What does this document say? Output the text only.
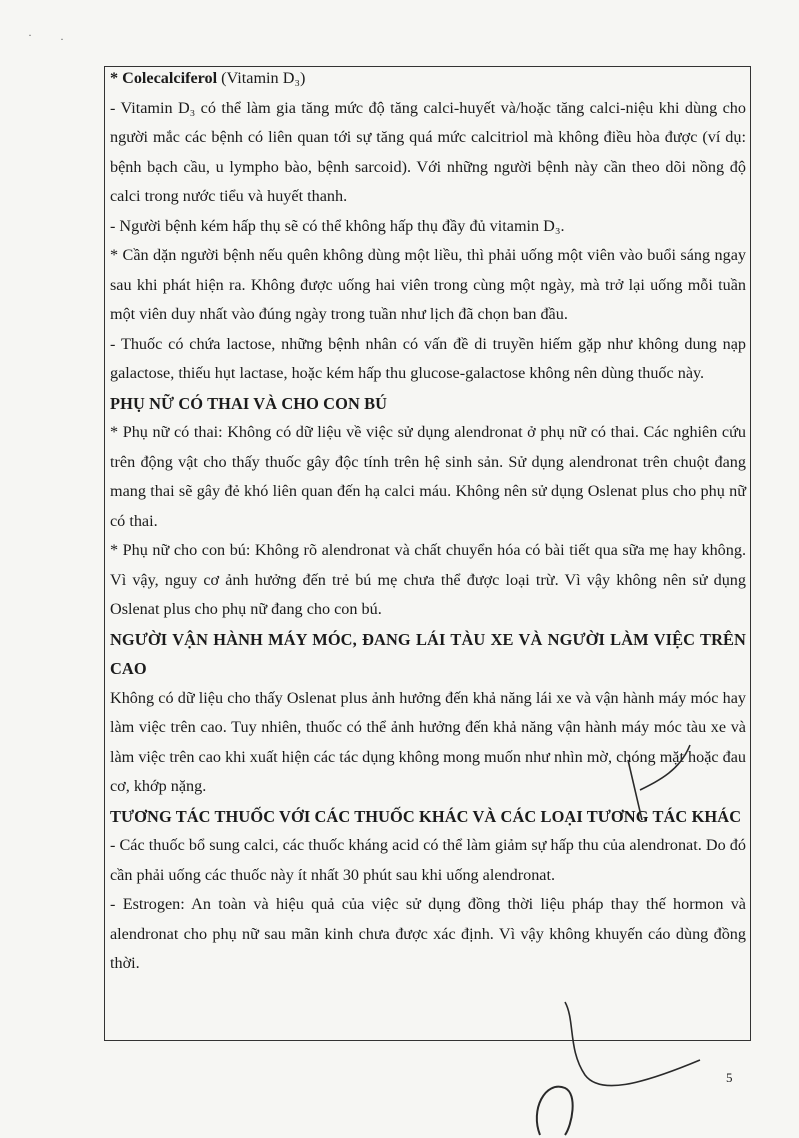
* Colecalciferol (Vitamin D₃)

- Vitamin D₃ có thể làm gia tăng mức độ tăng calci-huyết và/hoặc tăng calci-niệu khi dùng cho người mắc các bệnh có liên quan tới sự tăng quá mức calcitriol mà không điều hòa được (ví dụ: bệnh bạch cầu, u lympho bào, bệnh sarcoid). Với những người bệnh này cần theo dõi nồng độ calci trong nước tiểu và huyết thanh.

- Người bệnh kém hấp thụ sẽ có thể không hấp thụ đầy đủ vitamin D₃.

* Cần dặn người bệnh nếu quên không dùng một liều, thì phải uống một viên vào buổi sáng ngay sau khi phát hiện ra. Không được uống hai viên trong cùng một ngày, mà trở lại uống mỗi tuần một viên duy nhất vào đúng ngày trong tuần như lịch đã chọn ban đầu.

- Thuốc có chứa lactose, những bệnh nhân có vấn đề di truyền hiếm gặp như không dung nạp galactose, thiếu hụt lactase, hoặc kém hấp thu glucose-galactose không nên dùng thuốc này.

PHỤ NỮ CÓ THAI VÀ CHO CON BÚ

* Phụ nữ có thai: Không có dữ liệu về việc sử dụng alendronat ở phụ nữ có thai. Các nghiên cứu trên động vật cho thấy thuốc gây độc tính trên hệ sinh sản. Sử dụng alendronat trên chuột đang mang thai sẽ gây đẻ khó liên quan đến hạ calci máu. Không nên sử dụng Oslenat plus cho phụ nữ có thai.

* Phụ nữ cho con bú: Không rõ alendronat và chất chuyển hóa có bài tiết qua sữa mẹ hay không. Vì vậy, nguy cơ ảnh hưởng đến trẻ bú mẹ chưa thể được loại trừ. Vì vậy không nên sử dụng Oslenat plus cho phụ nữ đang cho con bú.

NGƯỜI VẬN HÀNH MÁY MÓC, ĐANG LÁI TÀU XE VÀ NGƯỜI LÀM VIỆC TRÊN CAO

Không có dữ liệu cho thấy Oslenat plus ảnh hưởng đến khả năng lái xe và vận hành máy móc hay làm việc trên cao. Tuy nhiên, thuốc có thể ảnh hưởng đến khả năng vận hành máy móc tàu xe và làm việc trên cao khi xuất hiện các tác dụng không mong muốn như nhìn mờ, chóng mặt hoặc đau cơ, khớp nặng.

TƯƠNG TÁC THUỐC VỚI CÁC THUỐC KHÁC VÀ CÁC LOẠI TƯƠNG TÁC KHÁC

- Các thuốc bổ sung calci, các thuốc kháng acid có thể làm giảm sự hấp thu của alendronat. Do đó cần phải uống các thuốc này ít nhất 30 phút sau khi uống alendronat.

- Estrogen: An toàn và hiệu quả của việc sử dụng đồng thời liệu pháp thay thế hormon và alendronat cho phụ nữ sau mãn kinh chưa được xác định. Vì vậy không khuyến cáo dùng đồng thời.

5
· ·
